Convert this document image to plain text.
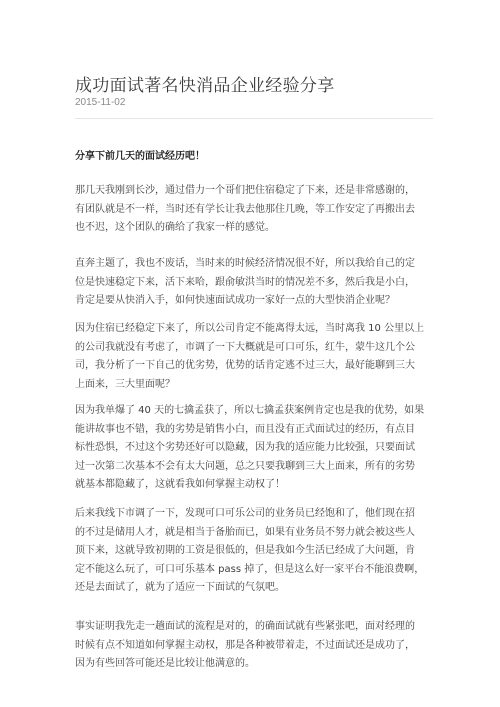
成功面试著名快消品企业经验分享
2015-11-02
分享下前几天的面试经历吧！
那几天我刚到长沙，通过借力一个哥们把住宿稳定了下来，还是非常感谢的，
有团队就是不一样，当时还有学长让我去他那住几晚，等工作安定了再搬出去
也不迟，这个团队的确给了我家一样的感觉。
直奔主题了，我也不废话，当时来的时候经济情况很不好，所以我给自己的定
位是快速稳定下来，活下来哈，跟俞敏洪当时的情况差不多，然后我是小白，
肯定是要从快消入手，如何快速面试成功一家好一点的大型快消企业呢？
因为住宿已经稳定下来了，所以公司肯定不能离得太远，当时离我 10 公里以上
的公司我就没有考虑了，市调了一下大概就是可口可乐，红牛，蒙牛这几个公
司，我分析了一下自己的优劣势，优势的话肯定逃不过三大，最好能聊到三大
上面来，三大里面呢？
因为我单爆了 40 天的七擒孟获了，所以七擒孟获案例肯定也是我的优势，如果
能讲故事也不错，我的劣势是销售小白，而且没有正式面试过的经历，有点目
标性恐惧，不过这个劣势还好可以隐藏，因为我的适应能力比较强，只要面试
过一次第二次基本不会有太大问题，总之只要我聊到三大上面来，所有的劣势
就基本都隐藏了，这就看我如何掌握主动权了！
后来我线下市调了一下，发现可口可乐公司的业务员已经饱和了，他们现在招
的不过是储用人才，就是相当于备胎而已，如果有业务员不努力就会被这些人
顶下来，这就导致初期的工资是很低的，但是我如今生活已经成了大问题，肯
定不能这么玩了，可口可乐基本 pass 掉了，但是这么好一家平台不能浪费啊，
还是去面试了，就为了适应一下面试的气氛吧。
事实证明我先走一趟面试的流程是对的，的确面试就有些紧张吧，面对经理的
时候有点不知道如何掌握主动权，那是各种被带着走，不过面试还是成功了，
因为有些回答可能还是比较让他满意的。
